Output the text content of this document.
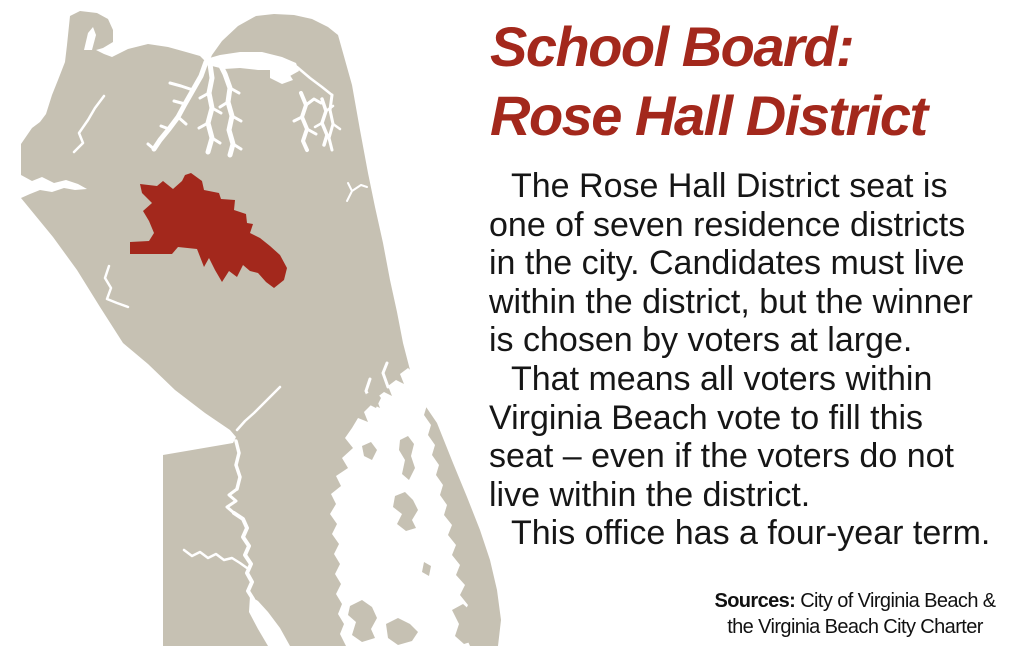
School Board:
Rose Hall District
The Rose Hall District seat is
one of seven residence districts
in the city. Candidates must live
within the district, but the winner
is chosen by voters at large.
That means all voters within
Virginia Beach vote to fill this
seat – even if the voters do not
live within the district.
This office has a four-year term.
Sources: City of Virginia Beach &
the Virginia Beach City Charter
